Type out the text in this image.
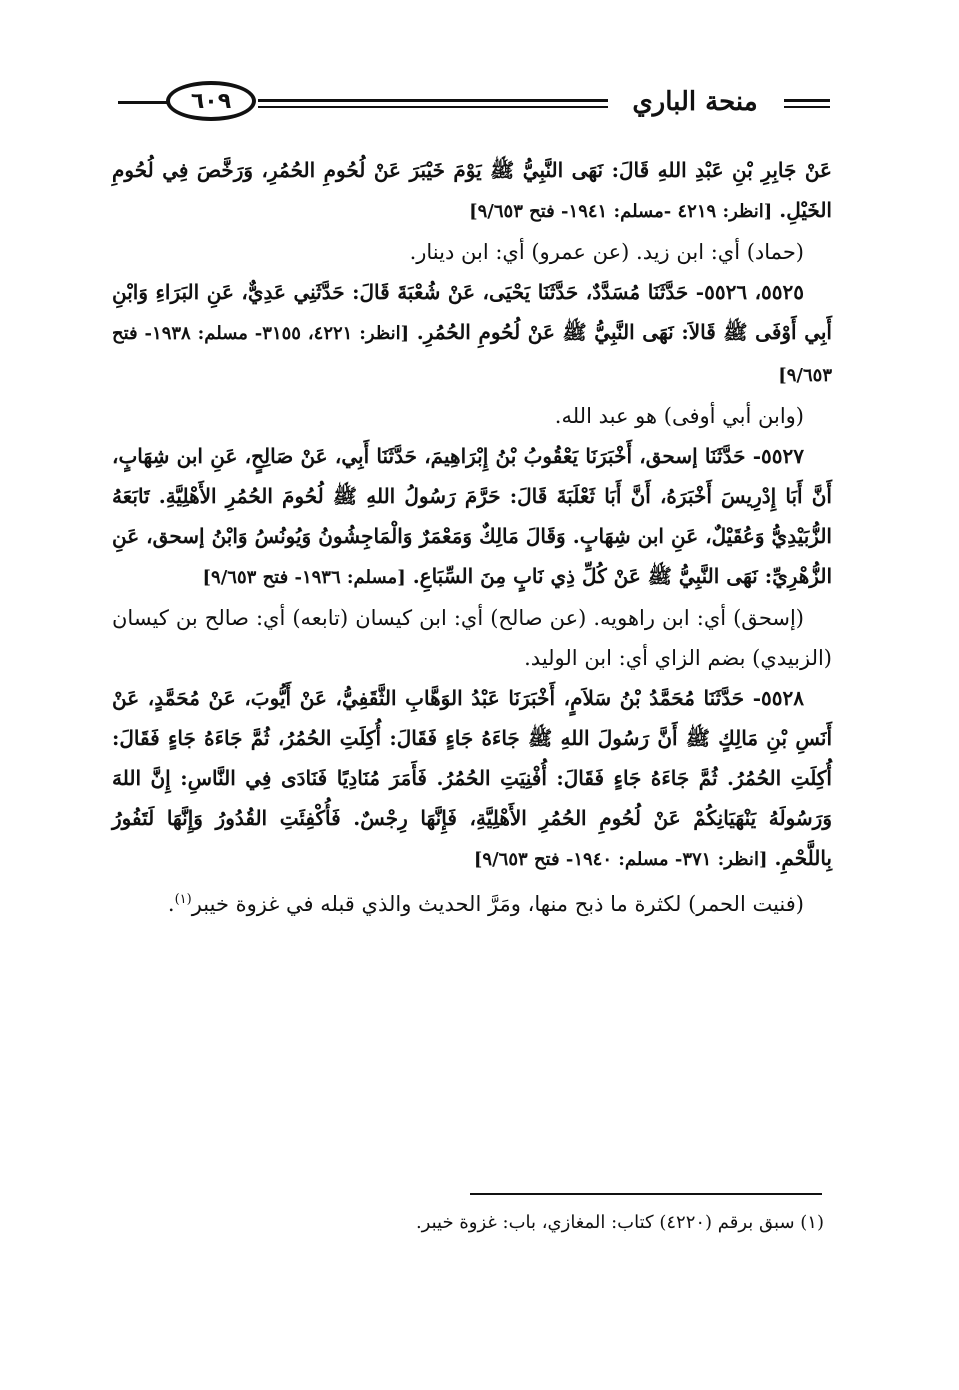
منحة الباري
٦٠٩

عَنْ جَابِرِ بْنِ عَبْدِ اللهِ قَالَ: نَهَى النَّبِيُّ ﷺ يَوْمَ خَيْبَرَ عَنْ لُحُومِ الحُمُرِ، وَرَخَّصَ فِي لُحُومِ الخَيْلِ. [انظر: ٤٢١٩ -مسلم: ١٩٤١- فتح ٩/٦٥٣]

(حماد) أي: ابن زيد. (عن عمرو) أي: ابن دينار.

٥٥٢٥، ٥٥٢٦- حَدَّثَنَا مُسَدَّدٌ، حَدَّثَنَا يَحْيَى، عَنْ شُعْبَةَ قَالَ: حَدَّثَنِي عَدِيٌّ، عَنِ البَرَاءِ وَابْنِ أَبِي أَوْفَى ﷺ قَالاَ: نَهَى النَّبِيُّ ﷺ عَنْ لُحُومِ الحُمُرِ. [انظر: ٤٢٢١، ٣١٥٥- مسلم: ١٩٣٨- فتح ٩/٦٥٣]

(وابن أبي أوفى) هو عبد الله.

٥٥٢٧- حَدَّثَنَا إسحق، أَخْبَرَنَا يَعْقُوبُ بْنُ إِبْرَاهِيمَ، حَدَّثَنَا أَبِي، عَنْ صَالِحٍ، عَنِ ابن شِهَابٍ، أَنَّ أَبَا إِدْرِيسَ أَخْبَرَهُ، أَنَّ أَبَا ثَعْلَبَةَ قَالَ: حَرَّمَ رَسُولُ اللهِ ﷺ لُحُومَ الحُمُرِ الأَهْلِيَّةِ. تَابَعَهُ الزُّبَيْدِيُّ وَعُقَيْلٌ، عَنِ ابن شِهَابٍ. وَقَالَ مَالِكٌ وَمَعْمَرٌ وَالْمَاجِشُونُ وَيُونُسُ وَابْنُ إسحق، عَنِ الزُّهْرِيِّ: نَهَى النَّبِيُّ ﷺ عَنْ كُلِّ ذِي نَابٍ مِنَ السِّبَاعِ. [مسلم: ١٩٣٦- فتح ٩/٦٥٣]

(إسحق) أي: ابن راهويه. (عن صالح) أي: ابن كيسان (تابعه) أي: صالح بن كيسان (الزبيدي) بضم الزاي أي: ابن الوليد.

٥٥٢٨- حَدَّثَنَا مُحَمَّدُ بْنُ سَلاَمٍ، أَخْبَرَنَا عَبْدُ الوَهَّابِ الثَّقَفِيُّ، عَنْ أَيُّوبَ، عَنْ مُحَمَّدٍ، عَنْ أَنَسِ بْنِ مَالِكٍ ﷺ أَنَّ رَسُولَ اللهِ ﷺ جَاءَهُ جَاءٍ فَقَالَ: أُكِلَتِ الحُمُرُ، ثُمَّ جَاءَهُ جَاءٍ فَقَالَ: أُكِلَتِ الحُمُرُ. ثُمَّ جَاءَهُ جَاءٍ فَقَالَ: أُفْنِيَتِ الحُمُرُ. فَأَمَرَ مُنَادِيًا فَنَادَى فِي النَّاسِ: إِنَّ اللهَ وَرَسُولَهُ يَنْهَيَانِكُمْ عَنْ لُحُومِ الحُمُرِ الأَهْلِيَّةِ، فَإِنَّهَا رِجْسٌ. فَأُكْفِئَتِ القُدُورُ وَإِنَّهَا لَتَفُورُ بِاللَّحْمِ. [انظر: ٣٧١- مسلم: ١٩٤٠- فتح ٩/٦٥٣]

(فنيت الحمر) لكثرة ما ذبح منها، ومَرَّ الحديث والذي قبله في غزوة خيبر$^{(١)}$.

(١) سبق برقم (٤٢٢٠) كتاب: المغازي، باب: غزوة خيبر.
